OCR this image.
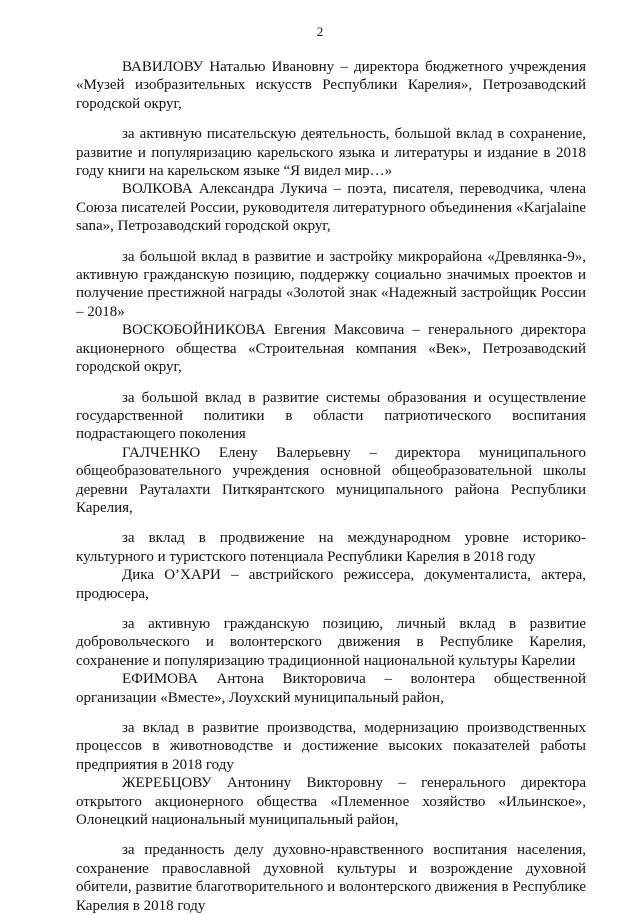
2

ВАВИЛОВУ Наталью Ивановну – директора бюджетного учреждения «Музей изобразительных искусств Республики Карелия», Петрозаводский городской округ,

за активную писательскую деятельность, большой вклад в сохранение, развитие и популяризацию карельского языка и литературы и издание в 2018 году книги на карельском языке “Я видел мир…»

ВОЛКОВА Александра Лукича – поэта, писателя, переводчика, члена Союза писателей России, руководителя литературного объединения «Karjalaine sana», Петрозаводский городской округ,

за большой вклад в развитие и застройку микрорайона «Древлянка-9», активную гражданскую позицию, поддержку социально значимых проектов и получение престижной награды «Золотой знак «Надежный застройщик России – 2018»

ВОСКОБОЙНИКОВА Евгения Максовича – генерального директора акционерного общества «Строительная компания «Век», Петрозаводский городской округ,

за большой вклад в развитие системы образования и осуществление государственной политики в области патриотического воспитания подрастающего поколения

ГАЛЧЕНКО Елену Валерьевну – директора муниципального общеобразовательного учреждения основной общеобразовательной школы деревни Рауталахти Питкярантского муниципального района Республики Карелия,

за вклад в продвижение на международном уровне историко-культурного и туристского потенциала Республики Карелия в 2018 году

Дика О’ХАРИ – австрийского режиссера, документалиста, актера, продюсера,

за активную гражданскую позицию, личный вклад в развитие добровольческого и волонтерского движения в Республике Карелия, сохранение и популяризацию традиционной национальной культуры Карелии

ЕФИМОВА Антона Викторовича – волонтера общественной организации «Вместе», Лоухский муниципальный район,

за вклад в развитие производства, модернизацию производственных процессов в животноводстве и достижение высоких показателей работы предприятия в 2018 году

ЖЕРЕБЦОВУ Антонину Викторовну – генерального директора открытого акционерного общества «Племенное хозяйство «Ильинское», Олонецкий национальный муниципальный район,

за преданность делу духовно-нравственного воспитания населения, сохранение православной духовной культуры и возрождение духовной обители, развитие благотворительного и волонтерского движения в Республике Карелия в 2018 году
